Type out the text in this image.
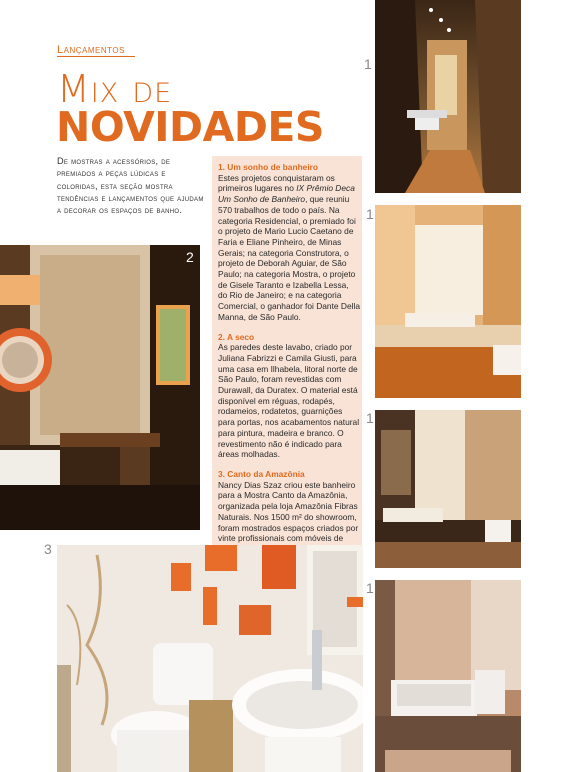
Lançamentos
Mix de
NOVIDADES
De mostras a acessórios, de premiados a peças lúdicas e coloridas, esta seção mostra tendências e lançamentos que ajudam a decorar os espaços de banho.
1. Um sonho de banheiro

Estes projetos conquistaram os primeiros lugares no IX Prêmio Deca Um Sonho de Banheiro, que reuniu 570 trabalhos de todo o país. Na categoria Residencial, o premiado foi o projeto de Mario Lucio Caetano de Faria e Eliane Pinheiro, de Minas Gerais; na categoria Construtora, o projeto de Deborah Aguiar, de São Paulo; na categoria Mostra, o projeto de Gisele Taranto e Izabella Lessa, do Rio de Janeiro; e na categoria Comercial, o ganhador foi Dante Della Manna, de São Paulo.

2. A seco

As paredes deste lavabo, criado por Juliana Fabrizzi e Camila Giusti, para uma casa em Ilhabela, litoral norte de São Paulo, foram revestidas com Durawall, da Duratex. O material está disponível em réguas, rodapés, rodameios, rodatetos, guarnições para portas, nos acabamentos natural para pintura, madeira e branco. O revestimento não é indicado para áreas molhadas.

3. Canto da Amazônia

Nancy Dias Szaz criou este banheiro para a Mostra Canto da Amazônia, organizada pela loja Amazônia Fibras Naturais. Nos 1500 m² do showroom, foram mostrados espaços criados por vinte profissionais com móveis de

1
1
1
1
2
3
